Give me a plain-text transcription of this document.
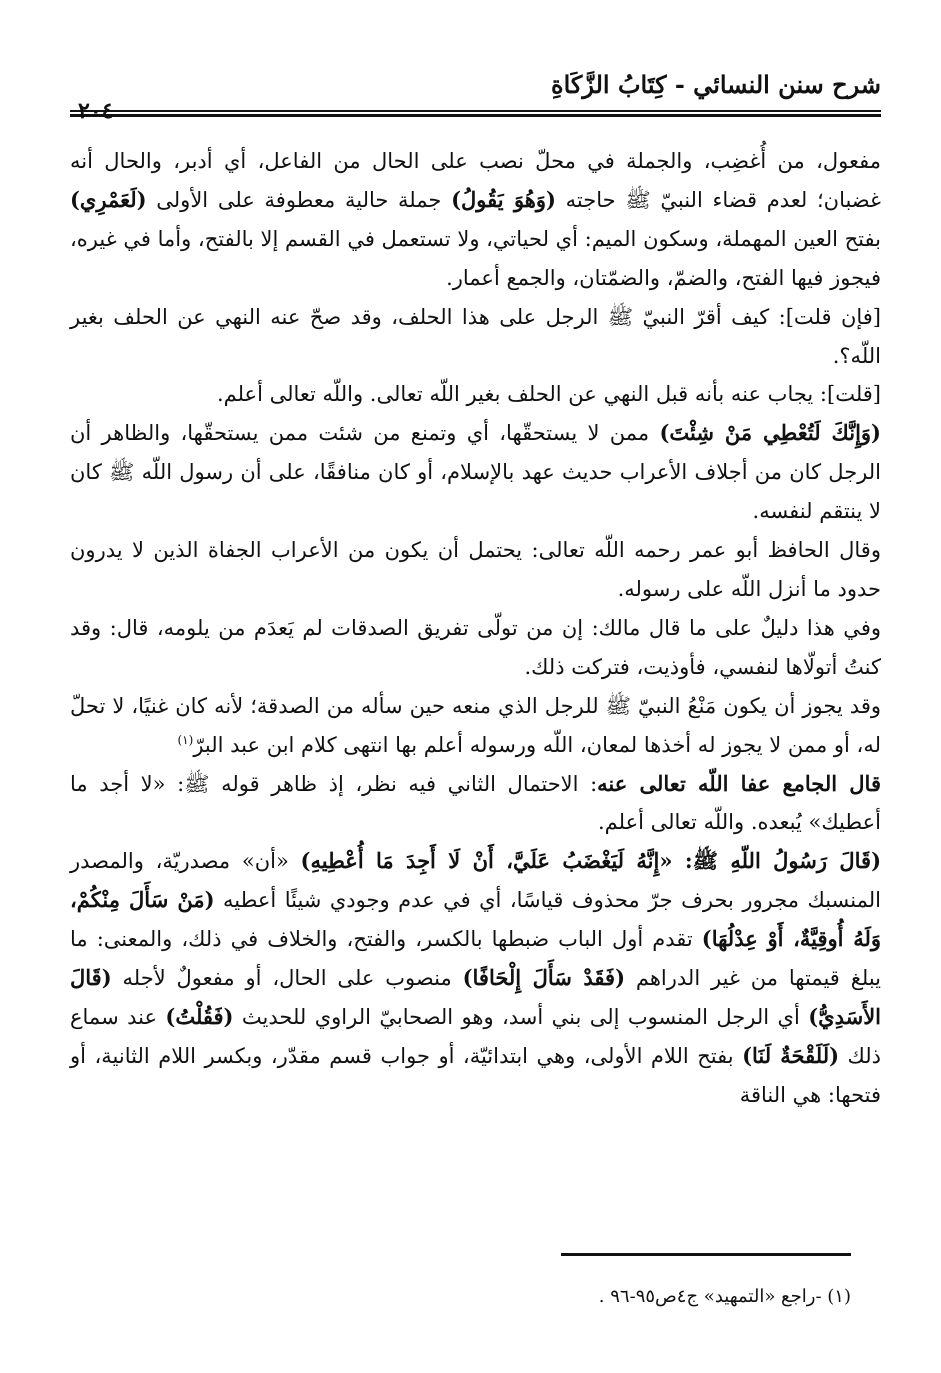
شرح سنن النسائي - كِتَابُ الزَّكَاةِ
٢٠٤

مفعول، من أُغضِب، والجملة في محلّ نصب على الحال من الفاعل، أي أدبر، والحال أنه غضبان؛ لعدم قضاء النبيّ ﷺ حاجته (وَهُوَ يَقُولُ) جملة حالية معطوفة على الأولى (لَعَمْرِي) بفتح العين المهملة، وسكون الميم: أي لحياتي، ولا تستعمل في القسم إلا بالفتح، وأما في غيره، فيجوز فيها الفتح، والضمّ، والضمّتان، والجمع أعمار.

[فإن قلت]: كيف أقرّ النبيّ ﷺ الرجل على هذا الحلف، وقد صحّ عنه النهي عن الحلف بغير اللّه؟.

[قلت]: يجاب عنه بأنه قبل النهي عن الحلف بغير اللّه تعالى. واللّه تعالى أعلم.

(وَإِنَّكَ لَتُعْطِي مَنْ شِئْتَ) ممن لا يستحقّها، أي وتمنع من شئت ممن يستحقّها، والظاهر أن الرجل كان من أجلاف الأعراب حديث عهد بالإسلام، أو كان منافقًا، على أن رسول اللّه ﷺ كان لا ينتقم لنفسه.

وقال الحافظ أبو عمر رحمه اللّه تعالى: يحتمل أن يكون من الأعراب الجفاة الذين لا يدرون حدود ما أنزل اللّه على رسوله.

وفي هذا دليلٌ على ما قال مالك: إن من تولّى تفريق الصدقات لم يَعدَم من يلومه، قال: وقد كنتُ أتولّاها لنفسي، فأوذيت، فتركت ذلك.

وقد يجوز أن يكون مَنْعُ النبيّ ﷺ للرجل الذي منعه حين سأله من الصدقة؛ لأنه كان غنيًا، لا تحلّ له، أو ممن لا يجوز له أخذها لمعان، اللّه ورسوله أعلم بها انتهى كلام ابن عبد البرّ$^{(١)}$

قال الجامع عفا اللّه تعالى عنه: الاحتمال الثاني فيه نظر، إذ ظاهر قوله ﷺ: «لا أجد ما أعطيك» يُبعده. واللّه تعالى أعلم.

(قَالَ رَسُولُ اللّهِ ﷺ: «إِنَّهُ لَيَغْضَبُ عَلَيَّ، أَنْ لَا أَجِدَ مَا أُعْطِيهِ) «أن» مصدريّة، والمصدر المنسبك مجرور بحرف جرّ محذوف قياسًا، أي في عدم وجودي شيئًا أعطيه (مَنْ سَأَلَ مِنْكُمْ، وَلَهُ أُوقِيَّةٌ، أَوْ عِدْلُهَا) تقدم أول الباب ضبطها بالكسر، والفتح، والخلاف في ذلك، والمعنى: ما يبلغ قيمتها من غير الدراهم (فَقَدْ سَأَلَ إِلْحَافًا) منصوب على الحال، أو مفعولٌ لأجله (قَالَ الأَسَدِيُّ) أي الرجل المنسوب إلى بني أسد، وهو الصحابيّ الراوي للحديث (فَقُلْتُ) عند سماع ذلك (لَلَقْحَةٌ لَنَا) بفتح اللام الأولى، وهي ابتدائيّة، أو جواب قسم مقدّر، وبكسر اللام الثانية، أو فتحها: هي الناقة

(١) -راجع «التمهيد» ج٤ص٩٥-٩٦ .
